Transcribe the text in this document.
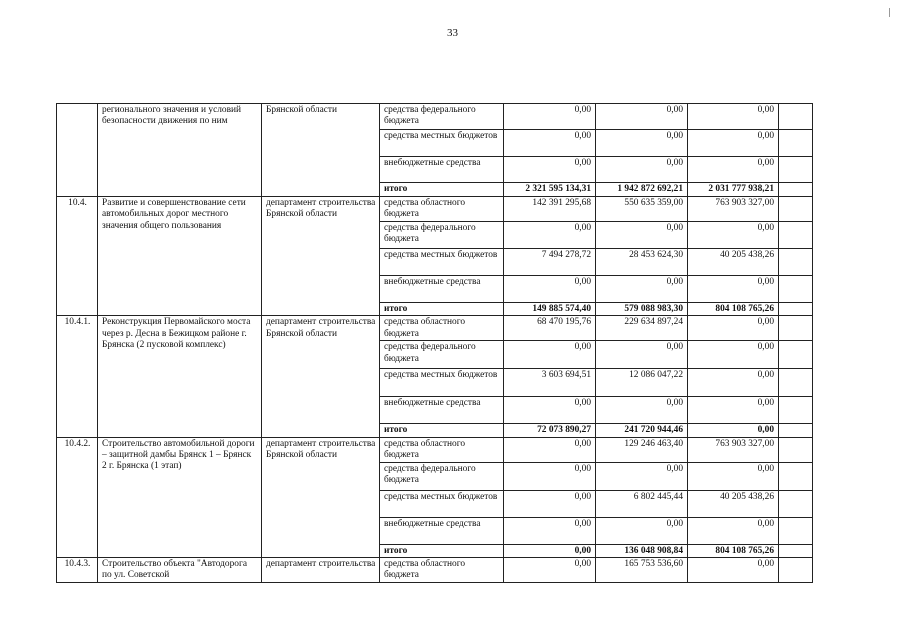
33
	регионального значения и условий безопасности движения по ним	Брянской области	средства федерального бюджета	0,00	0,00	0,00	
			средства местных бюджетов	0,00	0,00	0,00	
			внебюджетные средства	0,00	0,00	0,00	
			итого	2 321 595 134,31	1 942 872 692,21	2 031 777 938,21	
10.4.	Развитие и совершенствование сети автомобильных дорог местного значения общего пользования	департамент строительства Брянской области	средства областного бюджета	142 391 295,68	550 635 359,00	763 903 327,00	
			средства федерального бюджета	0,00	0,00	0,00	
			средства местных бюджетов	7 494 278,72	28 453 624,30	40 205 438,26	
			внебюджетные средства	0,00	0,00	0,00	
			итого	149 885 574,40	579 088 983,30	804 108 765,26	
10.4.1.	Реконструкция Первомайского моста через р. Десна в Бежицком районе г. Брянска (2 пусковой комплекс)	департамент строительства Брянской области	средства областного бюджета	68 470 195,76	229 634 897,24	0,00	
			средства федерального бюджета	0,00	0,00	0,00	
			средства местных бюджетов	3 603 694,51	12 086 047,22	0,00	
			внебюджетные средства	0,00	0,00	0,00	
			итого	72 073 890,27	241 720 944,46	0,00	
10.4.2.	Строительство автомобильной дороги – защитной дамбы Брянск 1 – Брянск 2 г. Брянска (1 этап)	департамент строительства Брянской области	средства областного бюджета	0,00	129 246 463,40	763 903 327,00	
			средства федерального бюджета	0,00	0,00	0,00	
			средства местных бюджетов	0,00	6 802 445,44	40 205 438,26	
			внебюджетные средства	0,00	0,00	0,00	
			итого	0,00	136 048 908,84	804 108 765,26	
10.4.3.	Строительство объекта "Автодорога по ул. Советской	департамент строительства	средства областного бюджета	0,00	165 753 536,60	0,00	
